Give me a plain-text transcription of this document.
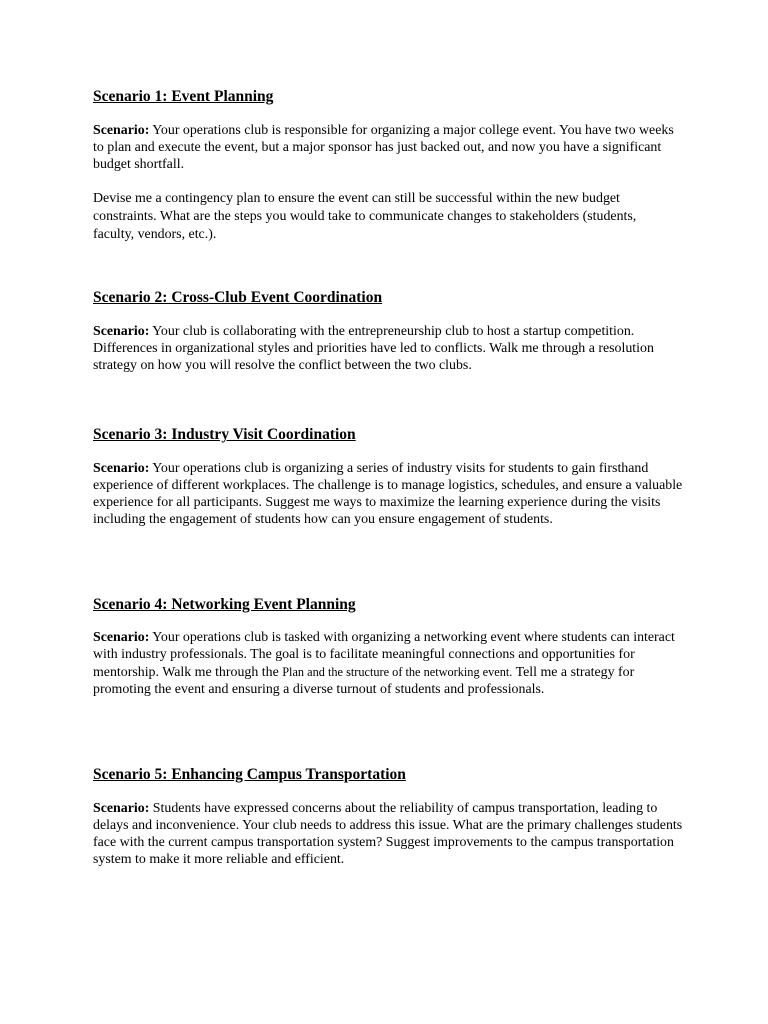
Scenario 1: Event Planning

Scenario: Your operations club is responsible for organizing a major college event. You have two weeks to plan and execute the event, but a major sponsor has just backed out, and now you have a significant budget shortfall.

Devise me a contingency plan to ensure the event can still be successful within the new budget constraints. What are the steps you would take to communicate changes to stakeholders (students, faculty, vendors, etc.).

Scenario 2: Cross-Club Event Coordination

Scenario: Your club is collaborating with the entrepreneurship club to host a startup competition. Differences in organizational styles and priorities have led to conflicts. Walk me through a resolution strategy on how you will resolve the conflict between the two clubs.

Scenario 3: Industry Visit Coordination

Scenario: Your operations club is organizing a series of industry visits for students to gain firsthand experience of different workplaces. The challenge is to manage logistics, schedules, and ensure a valuable experience for all participants. Suggest me ways to maximize the learning experience during the visits including the engagement of students how can you ensure engagement of students.

Scenario 4: Networking Event Planning

Scenario: Your operations club is tasked with organizing a networking event where students can interact with industry professionals. The goal is to facilitate meaningful connections and opportunities for mentorship. Walk me through the Plan and the structure of the networking event. Tell me a strategy for promoting the event and ensuring a diverse turnout of students and professionals.

Scenario 5: Enhancing Campus Transportation

Scenario: Students have expressed concerns about the reliability of campus transportation, leading to delays and inconvenience. Your club needs to address this issue. What are the primary challenges students face with the current campus transportation system? Suggest improvements to the campus transportation system to make it more reliable and efficient.
